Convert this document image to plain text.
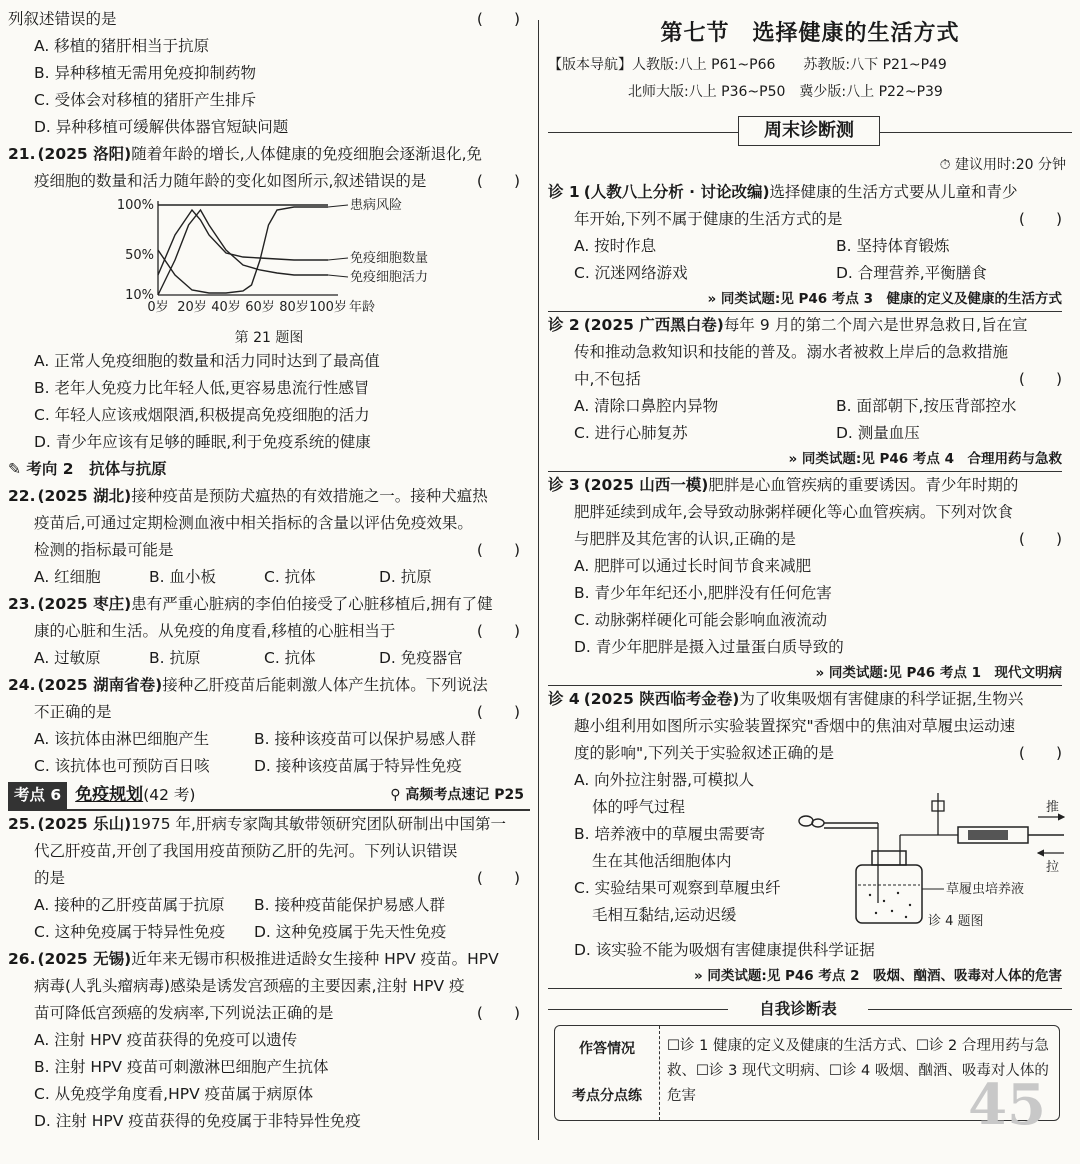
列叙述错误的是	(　　)
A. 移植的猪肝相当于抗原
B. 异种移植无需用免疫抑制药物
C. 受体会对移植的猪肝产生排斥
D. 异种移植可缓解供体器官短缺问题
21. (2025 洛阳)随着年龄的增长,人体健康的免疫细胞会逐渐退化,免
疫细胞的数量和活力随年龄的变化如图所示,叙述错误的是	(　　)
10%
50%
100%
0岁 20岁 40岁 60岁 80岁 100岁 年龄
患病风险
免疫细胞数量
免疫细胞活力
第 21 题图
A. 正常人免疫细胞的数量和活力同时达到了最高值
B. 老年人免疫力比年轻人低,更容易患流行性感冒
C. 年轻人应该戒烟限酒,积极提高免疫细胞的活力
D. 青少年应该有足够的睡眠,利于免疫系统的健康
✎ 考向 2　抗体与抗原
22. (2025 湖北)接种疫苗是预防犬瘟热的有效措施之一。接种犬瘟热
疫苗后,可通过定期检测血液中相关指标的含量以评估免疫效果。
检测的指标最可能是	(　　)
A. 红细胞	B. 血小板	C. 抗体	D. 抗原
23. (2025 枣庄)患有严重心脏病的李伯伯接受了心脏移植后,拥有了健
康的心脏和生活。从免疫的角度看,移植的心脏相当于	(　　)
A. 过敏原	B. 抗原	C. 抗体	D. 免疫器官
24. (2025 湖南省卷)接种乙肝疫苗后能刺激人体产生抗体。下列说法
不正确的是	(　　)
A. 该抗体由淋巴细胞产生	B. 接种该疫苗可以保护易感人群
C. 该抗体也可预防百日咳	D. 接种该疫苗属于特异性免疫
考点 6 免疫规划(42 考)	⚲ 高频考点速记 P25
25. (2025 乐山)1975 年,肝病专家陶其敏带领研究团队研制出中国第一
代乙肝疫苗,开创了我国用疫苗预防乙肝的先河。下列认识错误
的是	(　　)
A. 接种的乙肝疫苗属于抗原 B. 接种疫苗能保护易感人群
C. 这种免疫属于特异性免疫 D. 这种免疫属于先天性免疫
26. (2025 无锡)近年来无锡市积极推进适龄女生接种 HPV 疫苗。HPV
病毒(人乳头瘤病毒)感染是诱发宫颈癌的主要因素,注射 HPV 疫
苗可降低宫颈癌的发病率,下列说法正确的是	(　　)
A. 注射 HPV 疫苗获得的免疫可以遗传
B. 注射 HPV 疫苗可刺激淋巴细胞产生抗体
C. 从免疫学角度看,HPV 疫苗属于病原体
D. 注射 HPV 疫苗获得的免疫属于非特异性免疫
第七节　选择健康的生活方式
【版本导航】人教版:八上 P61~P66　　苏教版:八下 P21~P49
北师大版:八上 P36~P50　冀少版:八上 P22~P39
周末诊断测
⏱ 建议用时:20 分钟
诊 1 (人教八上分析 · 讨论改编)选择健康的生活方式要从儿童和青少
年开始,下列不属于健康的生活方式的是	(　　)
A. 按时作息	B. 坚持体育锻炼
C. 沉迷网络游戏	D. 合理营养,平衡膳食
» 同类试题:见 P46 考点 3　健康的定义及健康的生活方式
诊 2 (2025 广西黑白卷)每年 9 月的第二个周六是世界急救日,旨在宣
传和推动急救知识和技能的普及。溺水者被救上岸后的急救措施
中,不包括	(　　)
A. 清除口鼻腔内异物	B. 面部朝下,按压背部控水
C. 进行心肺复苏	D. 测量血压
» 同类试题:见 P46 考点 4　合理用药与急救
诊 3 (2025 山西一模)肥胖是心血管疾病的重要诱因。青少年时期的
肥胖延续到成年,会导致动脉粥样硬化等心血管疾病。下列对饮食
与肥胖及其危害的认识,正确的是	(　　)
A. 肥胖可以通过长时间节食来减肥
B. 青少年年纪还小,肥胖没有任何危害
C. 动脉粥样硬化可能会影响血液流动
D. 青少年肥胖是摄入过量蛋白质导致的
» 同类试题:见 P46 考点 1　现代文明病
诊 4 (2025 陕西临考金卷)为了收集吸烟有害健康的科学证据,生物兴
趣小组利用如图所示实验装置探究"香烟中的焦油对草履虫运动速
度的影响",下列关于实验叙述正确的是	(　　)
A. 向外拉注射器,可模拟人
体的呼气过程
B. 培养液中的草履虫需要寄
生在其他活细胞体内
C. 实验结果可观察到草履虫纤
毛相互黏结,运动迟缓
推
拉
草履虫培养液
诊 4 题图
D. 该实验不能为吸烟有害健康提供科学证据
» 同类试题:见 P46 考点 2　吸烟、酗酒、吸毒对人体的危害
自我诊断表
作答情况
考点分点练
☐诊 1 健康的定义及健康的生活方式、☐诊 2 合理用药与急救、☐诊 3 现代文明病、☐诊 4 吸烟、酗酒、吸毒对人体的危害	45
